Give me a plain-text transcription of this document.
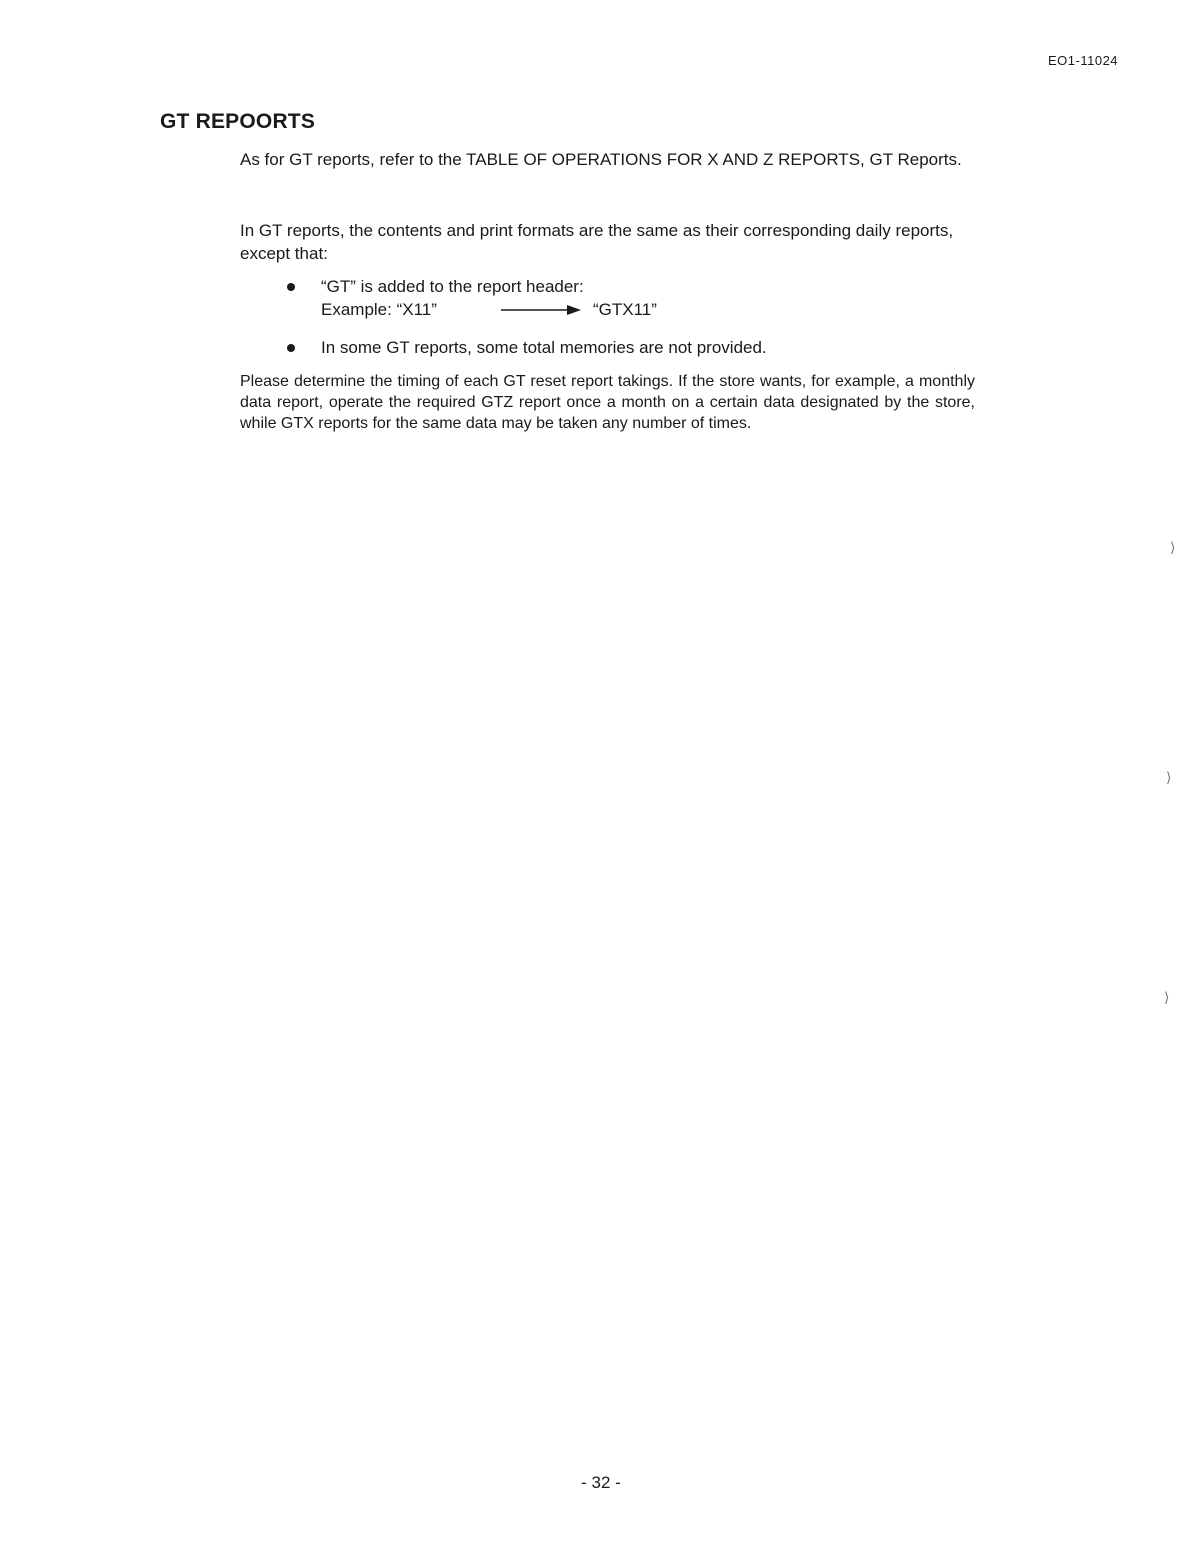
EO1-11024
GT REPOORTS

As for GT reports, refer to the TABLE OF OPERATIONS FOR X AND Z REPORTS, GT Reports.

In GT reports, the contents and print formats are the same as their corresponding daily reports, except that:

“GT” is added to the report header:
Example: “X11”	“GTX11”
In some GT reports, some total memories are not provided.

Please determine the timing of each GT reset report takings. If the store wants, for example, a monthly data report, operate the required GTZ report once a month on a certain data designated by the store, while GTX reports for the same data may be taken any number of times.

- 32 -
⟩
⟩
⟩
